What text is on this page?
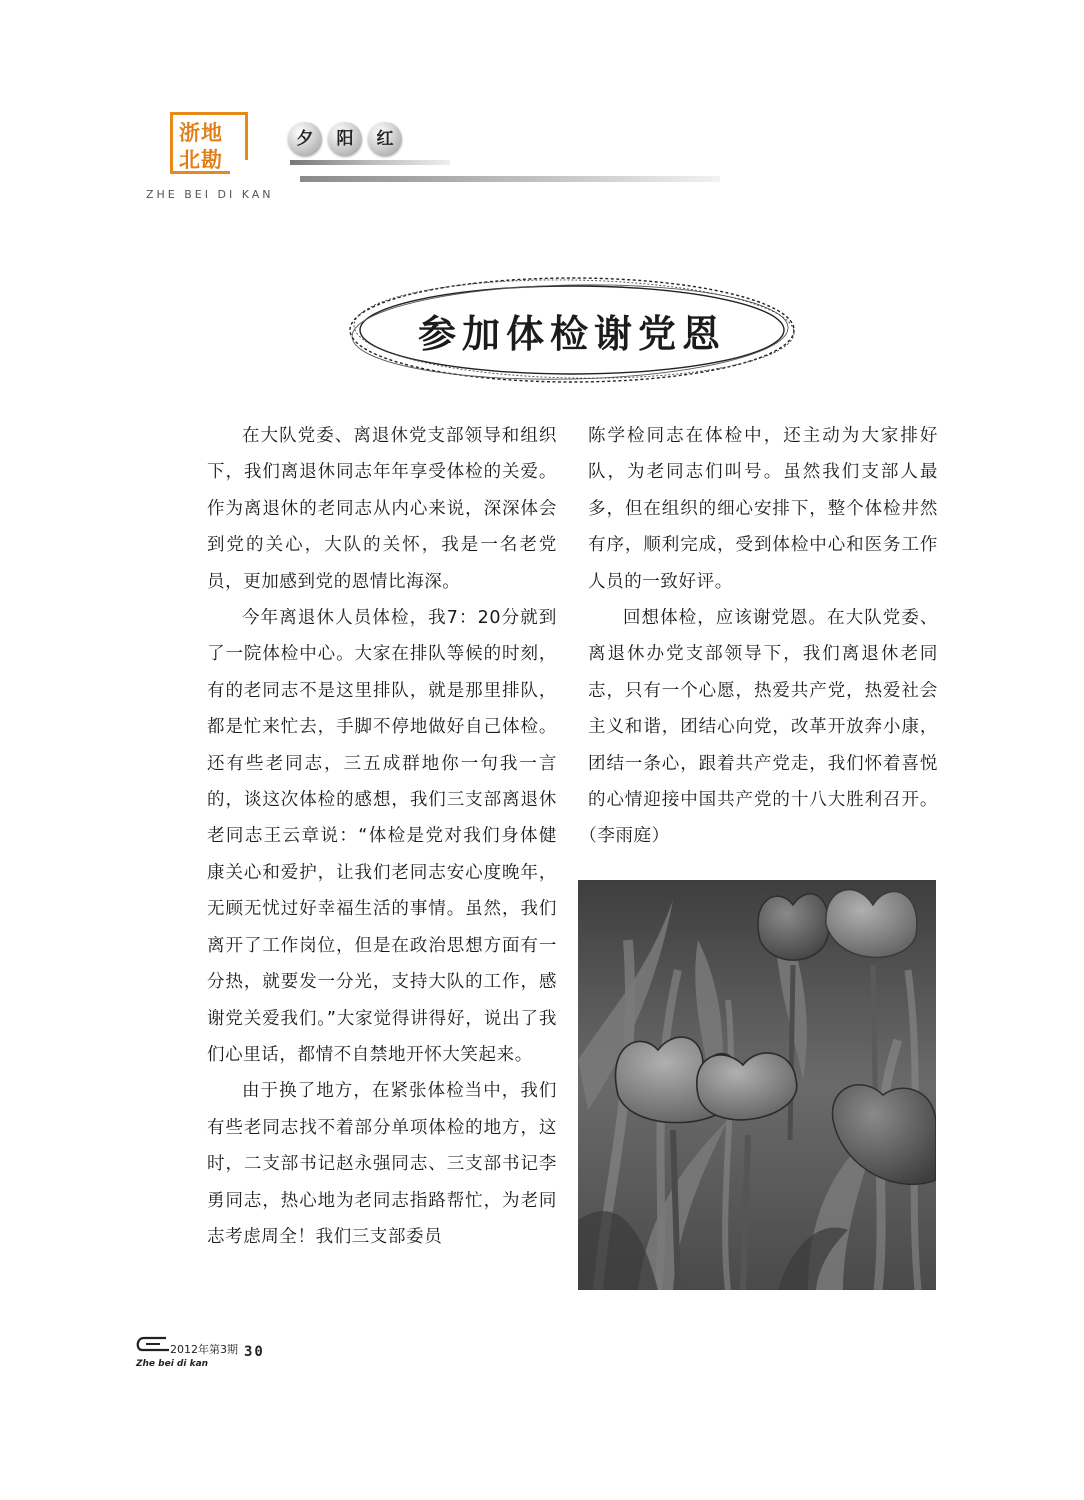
浙地
北勘
ZHE BEI DI KAN
夕 阳 红
参加体检谢党恩

在大队党委、离退休党支部领导和组织下，我们离退休同志年年享受体检的关爱。作为离退休的老同志从内心来说，深深体会到党的关心，大队的关怀，我是一名老党员，更加感到党的恩情比海深。

今年离退休人员体检，我7：20分就到了一院体检中心。大家在排队等候的时刻，有的老同志不是这里排队，就是那里排队，都是忙来忙去，手脚不停地做好自己体检。还有些老同志，三五成群地你一句我一言的，谈这次体检的感想，我们三支部离退休老同志王云章说：“体检是党对我们身体健康关心和爱护，让我们老同志安心度晚年，无顾无忧过好幸福生活的事情。虽然，我们离开了工作岗位，但是在政治思想方面有一分热，就要发一分光，支持大队的工作，感谢党关爱我们。”大家觉得讲得好，说出了我们心里话，都情不自禁地开怀大笑起来。

由于换了地方，在紧张体检当中，我们有些老同志找不着部分单项体检的地方，这时，二支部书记赵永强同志、三支部书记李勇同志，热心地为老同志指路帮忙，为老同志考虑周全！我们三支部委员

陈学检同志在体检中，还主动为大家排好队，为老同志们叫号。虽然我们支部人最多，但在组织的细心安排下，整个体检井然有序，顺利完成，受到体检中心和医务工作人员的一致好评。

回想体检，应该谢党恩。在大队党委、离退休办党支部领导下，我们离退休老同志，只有一个心愿，热爱共产党，热爱社会主义和谐，团结心向党，改革开放奔小康，团结一条心，跟着共产党走，我们怀着喜悦的心情迎接中国共产党的十八大胜利召开。（李雨庭）

2012年第3期 30
Zhe bei di kan
